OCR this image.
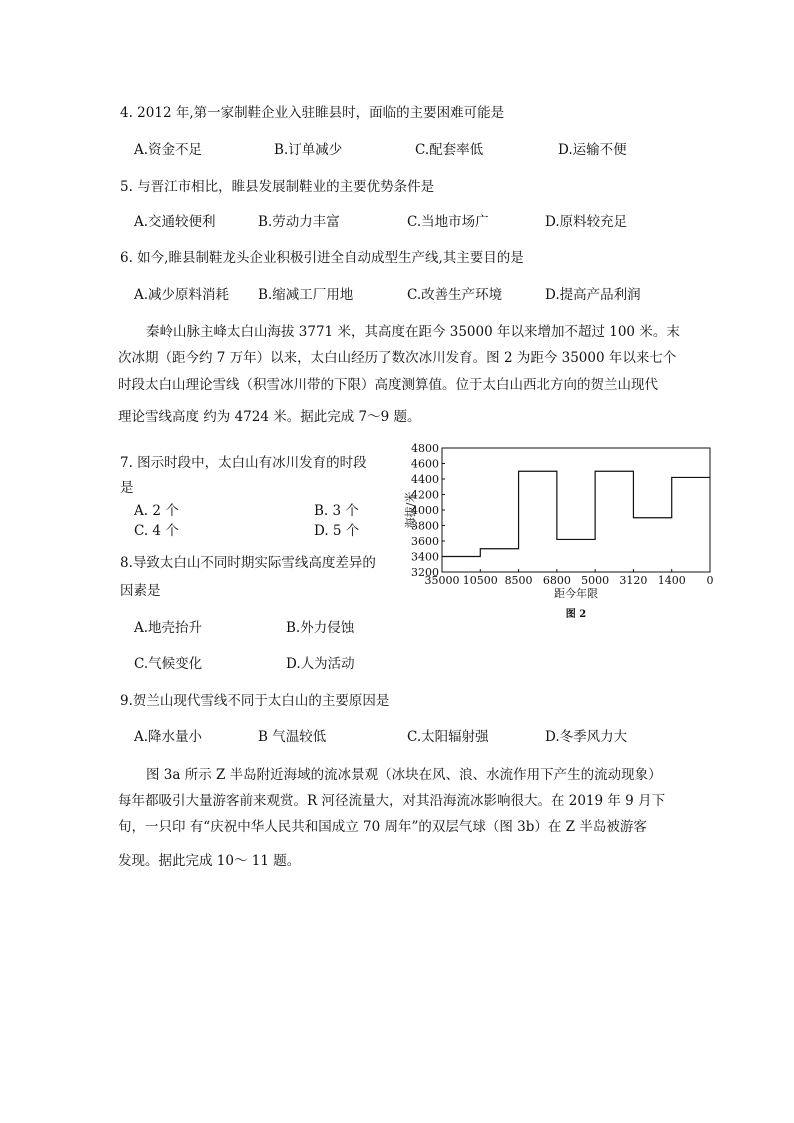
4. 2012 年,第一家制鞋企业入驻睢县时，面临的主要困难可能是
A.资金不足	B.订单减少	C.配套率低	D.运输不便
5. 与晋江市相比，睢县发展制鞋业的主要优势条件是
A.交通较便利	B.劳动力丰富	C.当地市场广	D.原料较充足
6. 如今,睢县制鞋龙头企业积极引进全自动成型生产线,其主要目的是
A.减少原料消耗 B.缩减工厂用地	C.改善生产环境	D.提高产品利润
秦岭山脉主峰太白山海拔 3771 米，其高度在距今 35000 年以来增加不超过 100 米。末
次冰期（距今约 7 万年）以来，太白山经历了数次冰川发育。图 2 为距今 35000 年以来七个
时段太白山理论雪线（积雪冰川带的下限）高度测算值。位于太白山西北方向的贺兰山现代
理论雪线高度 约为 4724 米。据此完成 7～9 题。
7. 图示时段中，太白山有冰川发育的时段
是
A. 2 个	B. 3 个
C. 4 个	D. 5 个
8.导致太白山不同时期实际雪线高度差异的
因素是
A.地壳抬升	B.外力侵蚀
C.气候变化	D.人为活动
9.贺兰山现代雪线不同于太白山的主要原因是
A.降水量小	B 气温较低	C.太阳辐射强	D.冬季风力大
图 3a 所示 Z 半岛附近海域的流冰景观（冰块在风、浪、水流作用下产生的流动现象）
每年都吸引大量游客前来观赏。R 河径流量大，对其沿海流冰影响很大。在 2019 年 9 月下
旬，一只印 有“庆祝中华人民共和国成立 70 周年”的双层气球（图 3b）在 Z 半岛被游客
发现。据此完成 10～ 11 题。
3200
3400
3600
3800
4000
4200
4400
4600
4800
35000 10500 8500 6800 5000 3120 1400 0
海拔/米
距今年限
图 2
